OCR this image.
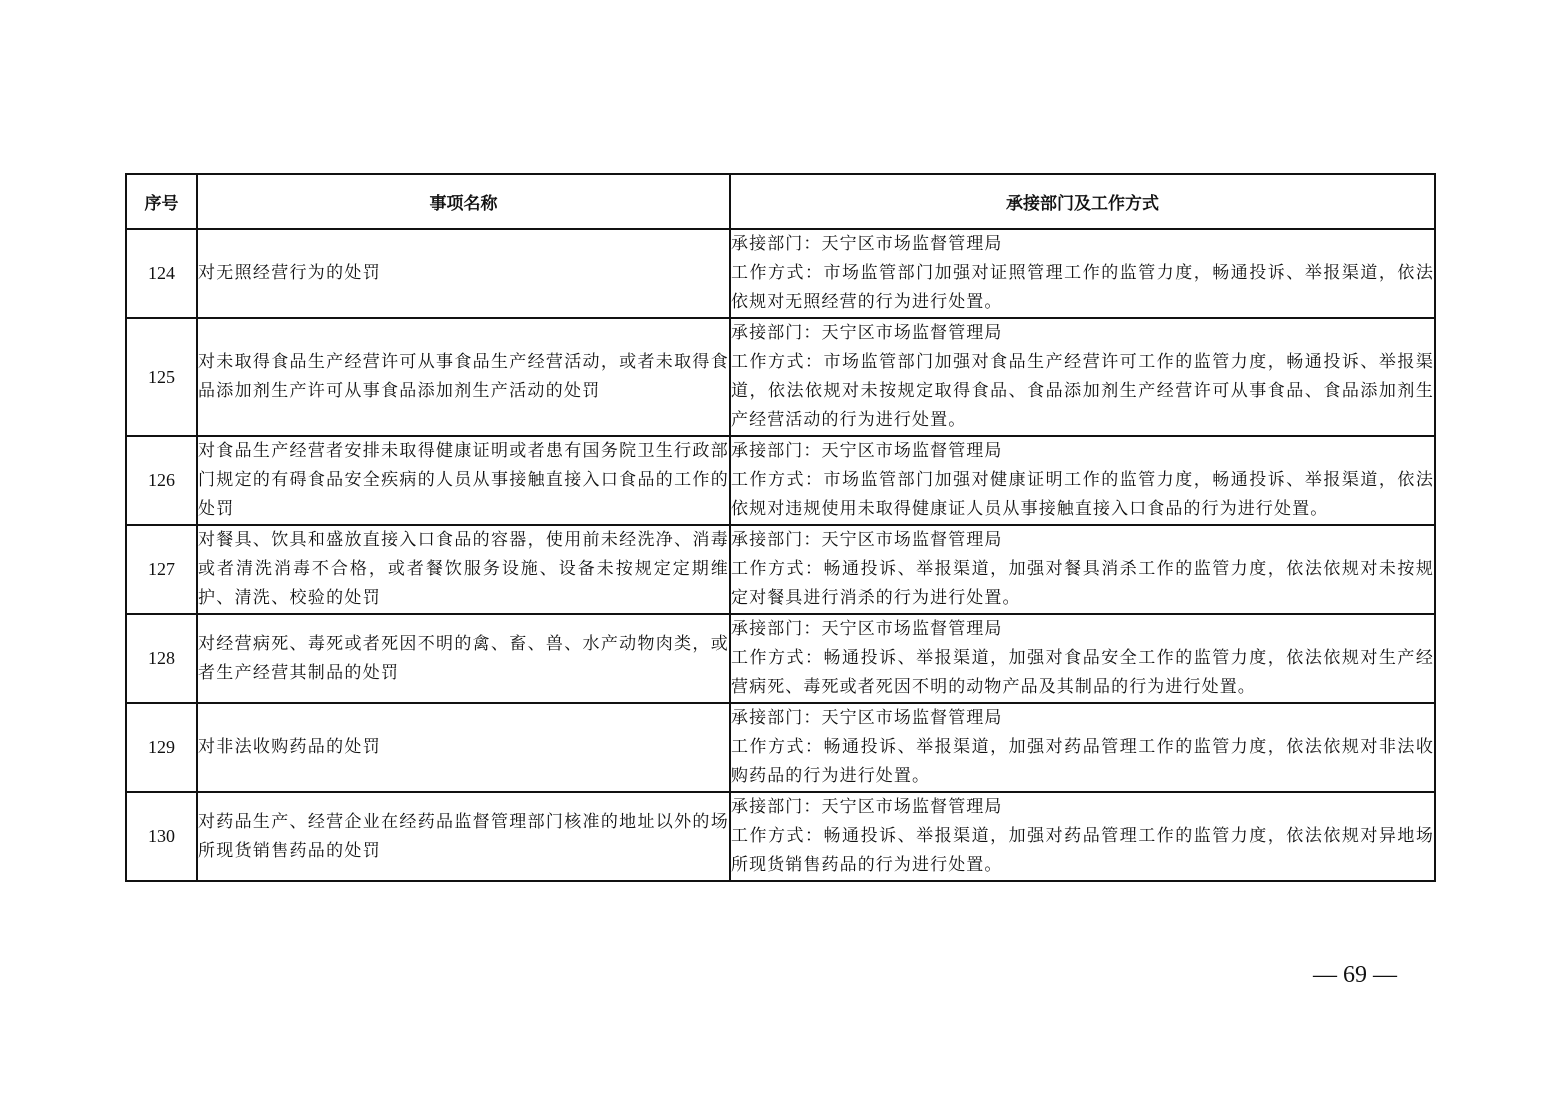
序号	事项名称	承接部门及工作方式
124	对无照经营行为的处罚	承接部门：天宁区市场监督管理局
工作方式：市场监管部门加强对证照管理工作的监管力度，畅通投诉、举报渠道，依法依规对无照经营的行为进行处置。

125	对未取得食品生产经营许可从事食品生产经营活动，或者未取得食品添加剂生产许可从事食品添加剂生产活动的处罚	承接部门：天宁区市场监督管理局
工作方式：市场监管部门加强对食品生产经营许可工作的监管力度，畅通投诉、举报渠道，依法依规对未按规定取得食品、食品添加剂生产经营许可从事食品、食品添加剂生产经营活动的行为进行处置。

126	对食品生产经营者安排未取得健康证明或者患有国务院卫生行政部门规定的有碍食品安全疾病的人员从事接触直接入口食品的工作的处罚	承接部门：天宁区市场监督管理局
工作方式：市场监管部门加强对健康证明工作的监管力度，畅通投诉、举报渠道，依法依规对违规使用未取得健康证人员从事接触直接入口食品的行为进行处置。

127	对餐具、饮具和盛放直接入口食品的容器，使用前未经洗净、消毒或者清洗消毒不合格，或者餐饮服务设施、设备未按规定定期维护、清洗、校验的处罚	承接部门：天宁区市场监督管理局
工作方式：畅通投诉、举报渠道，加强对餐具消杀工作的监管力度，依法依规对未按规定对餐具进行消杀的行为进行处置。

128	对经营病死、毒死或者死因不明的禽、畜、兽、水产动物肉类，或者生产经营其制品的处罚	承接部门：天宁区市场监督管理局
工作方式：畅通投诉、举报渠道，加强对食品安全工作的监管力度，依法依规对生产经营病死、毒死或者死因不明的动物产品及其制品的行为进行处置。

129	对非法收购药品的处罚	承接部门：天宁区市场监督管理局
工作方式：畅通投诉、举报渠道，加强对药品管理工作的监管力度，依法依规对非法收购药品的行为进行处置。

130	对药品生产、经营企业在经药品监督管理部门核准的地址以外的场所现货销售药品的处罚	承接部门：天宁区市场监督管理局
工作方式：畅通投诉、举报渠道，加强对药品管理工作的监管力度，依法依规对异地场所现货销售药品的行为进行处置。
— 69 —
